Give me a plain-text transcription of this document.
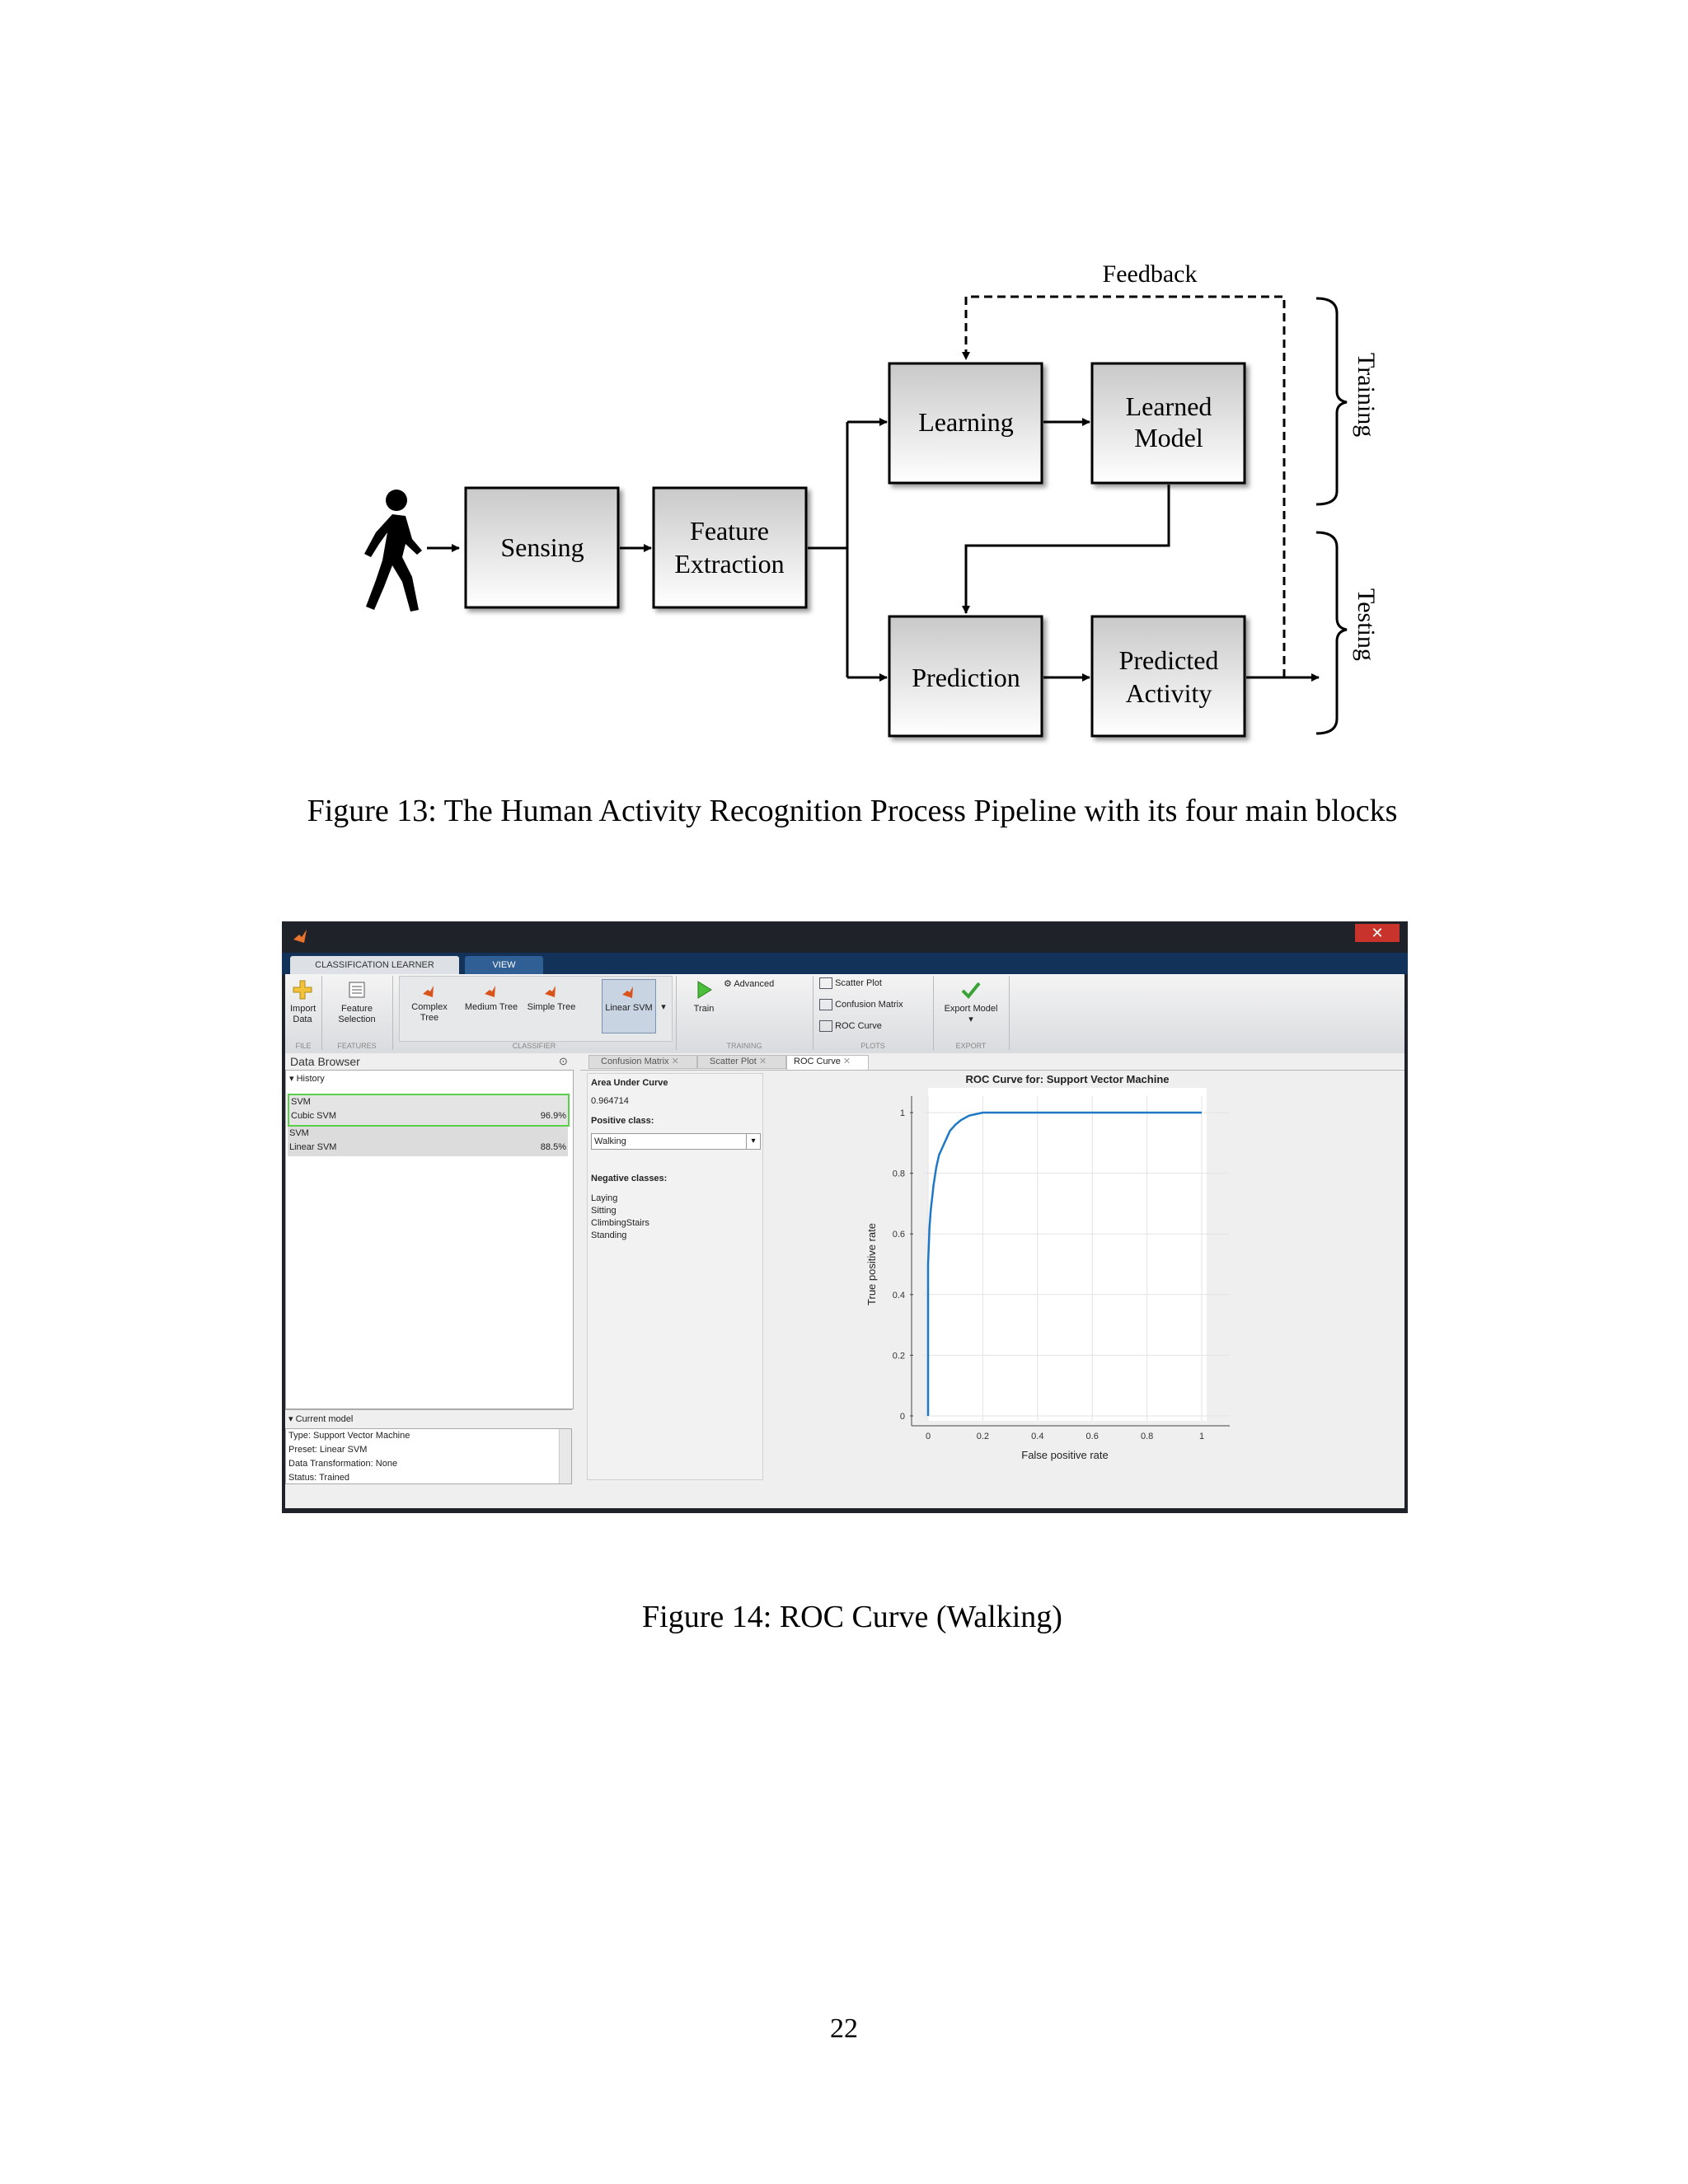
Sensing
Feature
Extraction
Learning
Learned
Model
Prediction
Predicted
Activity
Feedback
Training
Testing
Figure 13: The Human Activity Recognition Process Pipeline with its four main blocks
✕
CLASSIFICATION LEARNER	VIEW
Import
Data
Feature
Selection
Complex
Tree
Medium Tree	Simple Tree	Linear SVM ▾	Train
⚙ Advanced	Scatter Plot
Confusion Matrix
ROC Curve
Export Model
▾
FILE	FEATURES	CLASSIFIER	TRAINING	PLOTS	EXPORT
Data Browser	⊙
▾ History
SVM
Cubic SVM	96.9%
SVM
Linear SVM	88.5%
▾ Current model
Type: Support Vector Machine
Preset: Linear SVM
Data Transformation: None
Status: Trained
Confusion Matrix ✕	Scatter Plot ✕	ROC Curve ✕
Area Under Curve
0.964714
Positive class:
Walking	▾
Negative classes:
Laying
Sitting
ClimbingStairs
Standing
0
0.2
0.4
0.6
0.8
1
0	0.2	0.4	0.6	0.8	1
ROC Curve for: Support Vector Machine
False positive rate
True positive rate
Figure 14: ROC Curve (Walking)
22
